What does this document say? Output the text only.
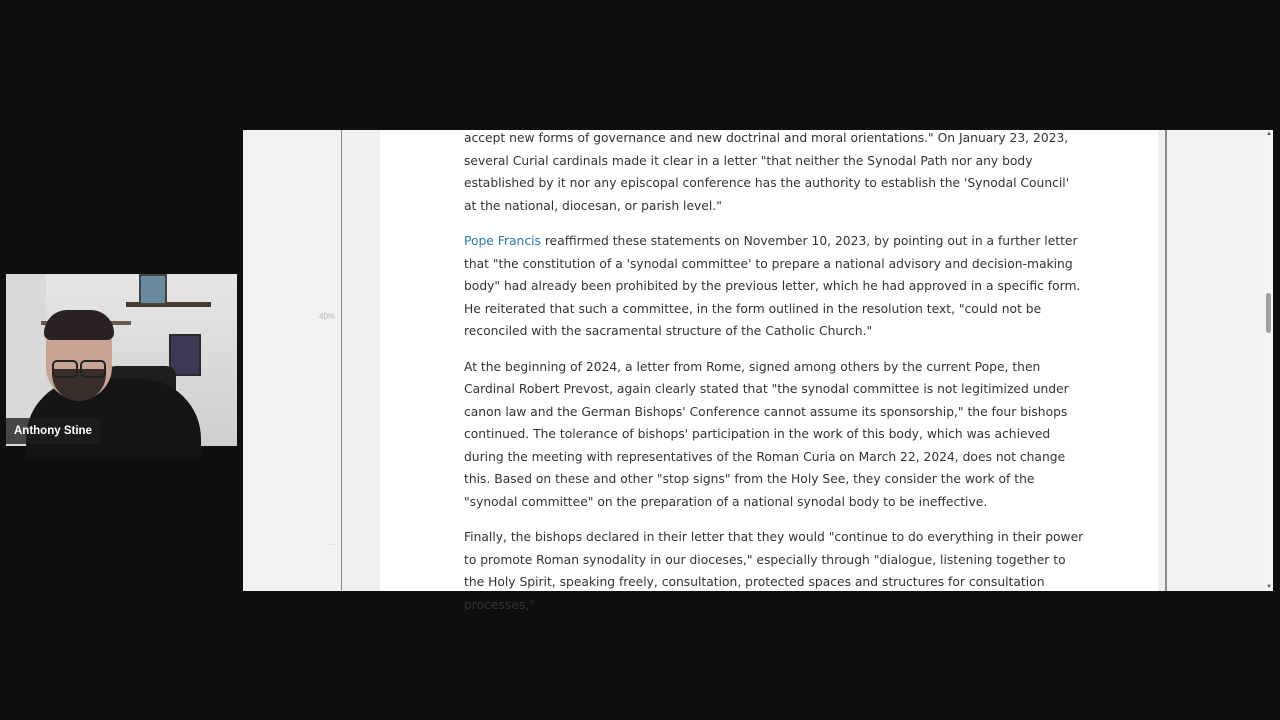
40%
....

accept new forms of governance and new doctrinal and moral orientations." On January 23, 2023, several Curial cardinals made it clear in a letter "that neither the Synodal Path nor any body established by it nor any episcopal conference has the authority to establish the 'Synodal Council' at the national, diocesan, or parish level."

Pope Francis reaffirmed these statements on November 10, 2023, by pointing out in a further letter that "the constitution of a 'synodal committee' to prepare a national advisory and decision-making body" had already been prohibited by the previous letter, which he had approved in a specific form. He reiterated that such a committee, in the form outlined in the resolution text, "could not be reconciled with the sacramental structure of the Catholic Church."

At the beginning of 2024, a letter from Rome, signed among others by the current Pope, then Cardinal Robert Prevost, again clearly stated that "the synodal committee is not legitimized under canon law and the German Bishops' Conference cannot assume its sponsorship," the four bishops continued. The tolerance of bishops' participation in the work of this body, which was achieved during the meeting with representatives of the Roman Curia on March 22, 2024, does not change this. Based on these and other "stop signs" from the Holy See, they consider the work of the "synodal committee" on the preparation of a national synodal body to be ineffective.

Finally, the bishops declared in their letter that they would "continue to do everything in their power to promote Roman synodality in our dioceses," especially through "dialogue, listening together to the Holy Spirit, speaking freely, consultation, protected spaces and structures for consultation processes,"

▲
▼
Anthony Stine
